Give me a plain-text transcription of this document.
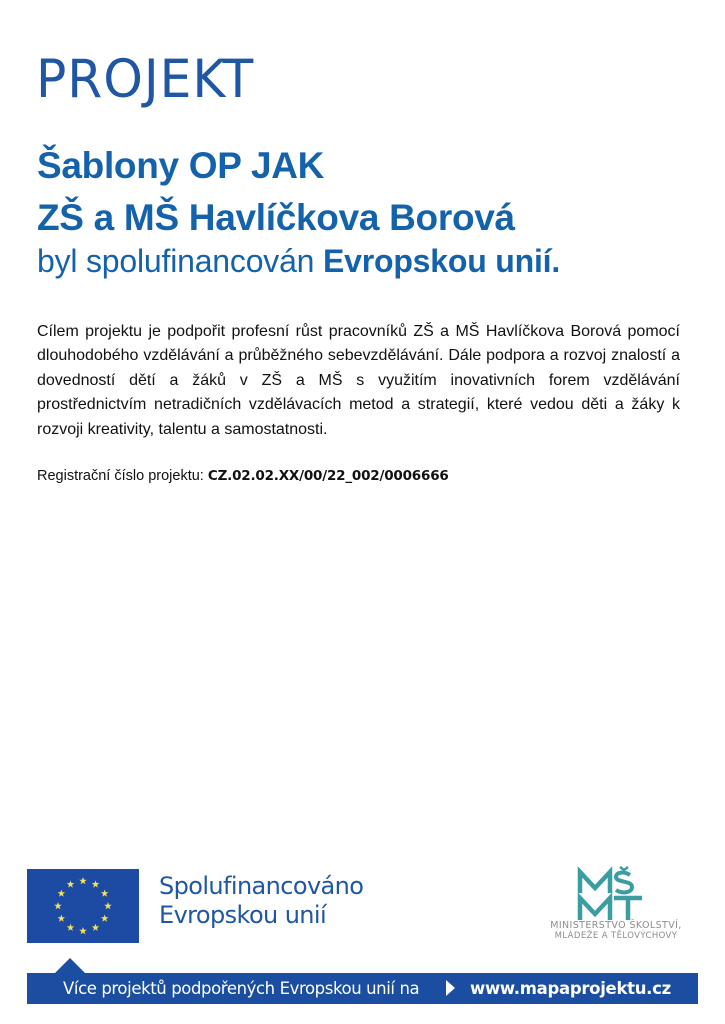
PROJEKT
Šablony OP JAK
ZŠ a MŠ Havlíčkova Borová
byl spolufinancován Evropskou unií.

Cílem projektu je podpořit profesní růst pracovníků ZŠ a MŠ Havlíčkova Borová pomocí dlouhodobého vzdělávání a průběžného sebevzdělávání. Dále podpora a rozvoj znalostí a dovedností dětí a žáků v ZŠ a MŠ s využitím inovativních forem vzdělávání prostřednictvím netradičních vzdělávacích metod a strategií, které vedou děti a žáky k rozvoji kreativity, talentu a samostatnosti.

Registrační číslo projektu: CZ.02.02.XX/00/22_002/0006666
Spolufinancováno
Evropskou unií	MINISTERSTVO ŠKOLSTVÍ,
MLÁDEŽE A TĚLOVÝCHOVY
Více projektů podpořených Evropskou unií na	www.mapaprojektu.cz
